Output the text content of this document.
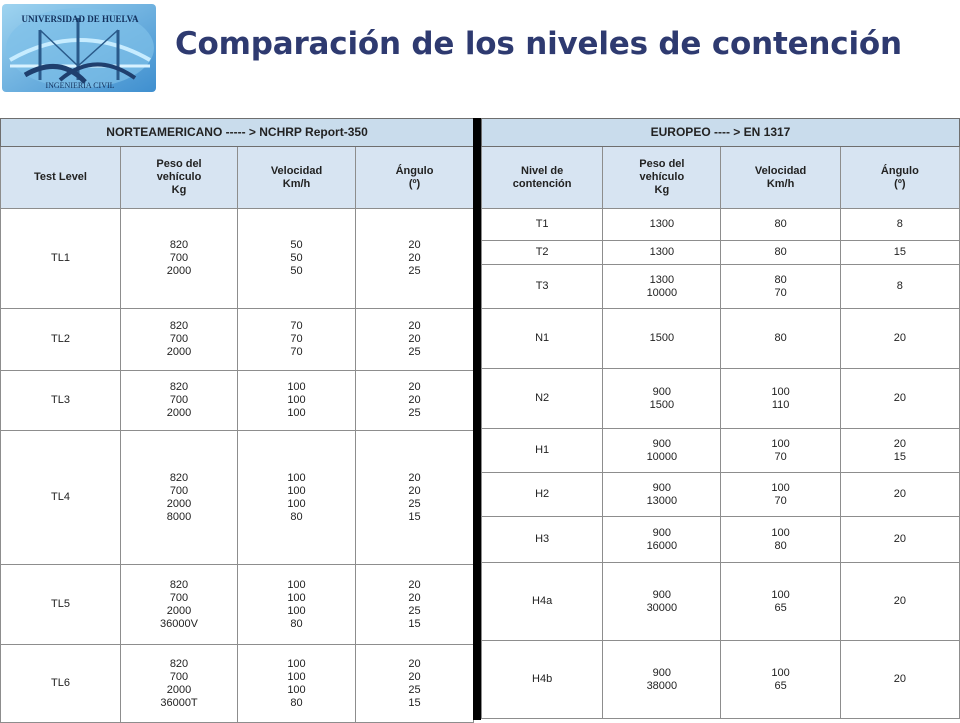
UNIVERSIDAD DE HUELVA
INGENIERÍA CIVIL
Comparación de los niveles de contención
NORTEAMERICANO ----- > NCHRP Report-350			

Test Level	Peso del
vehículo
Kg	Velocidad
Km/h	Ángulo
(º)

TL1	820
700
2000	50
50
50	20
20
25

TL2	820
700
2000	70
70
70	20
20
25

TL3	820
700
2000	100
100
100	20
20
25

TL4	820
700
2000
8000	100
100
100
80	20
20
25
15

TL5	820
700
2000
36000V	100
100
100
80	20
20
25
15

TL6	820
700
2000
36000T	100
100
100
80	20
20
25
15
EUROPEO ---- > EN 1317			

Nivel de
contención	Peso del
vehículo
Kg	Velocidad
Km/h	Ángulo
(º)

T1	1300	80	8

T2	1300	80	15

T3	1300
10000	80
70	8

N1	1500	80	20

N2	900
1500	100
110	20

H1	900
10000	100
70	20
15

H2	900
13000	100
70	20

H3	900
16000	100
80	20

H4a	900
30000	100
65	20

H4b	900
38000	100
65	20
